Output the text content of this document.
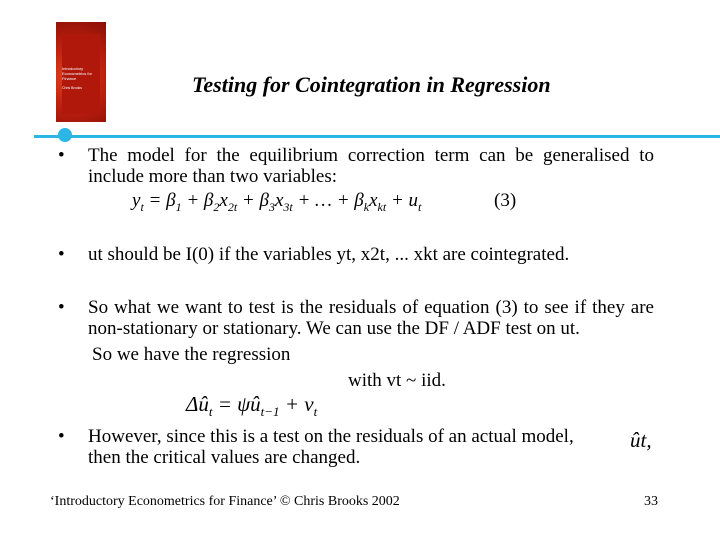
Introductory Econometrics for Finance
Chris Brooks	Testing for Cointegration in Regression
• The model for the equilibrium correction term can be generalised to include more than two variables:
$y_t = \beta_1 + \beta_2x_{2t} + \beta_3x_{3t}$ + … + $\beta_kx_{kt} + u_t$	(3)
• ut should be I(0) if the variables yt, x2t, ... xkt are cointegrated.
• So what we want to test is the residuals of equation (3) to see if they are non-stationary or stationary. We can use the DF / ADF test on ut.
So we have the regression
with vt ~ iid.
$\Delta û_t$ = $\psi û_{t-1} + v_t$
• However, since this is a test on the residuals of an actual model,	ût,
then the critical values are changed.
‘Introductory Econometrics for Finance’ © Chris Brooks 2002	33
